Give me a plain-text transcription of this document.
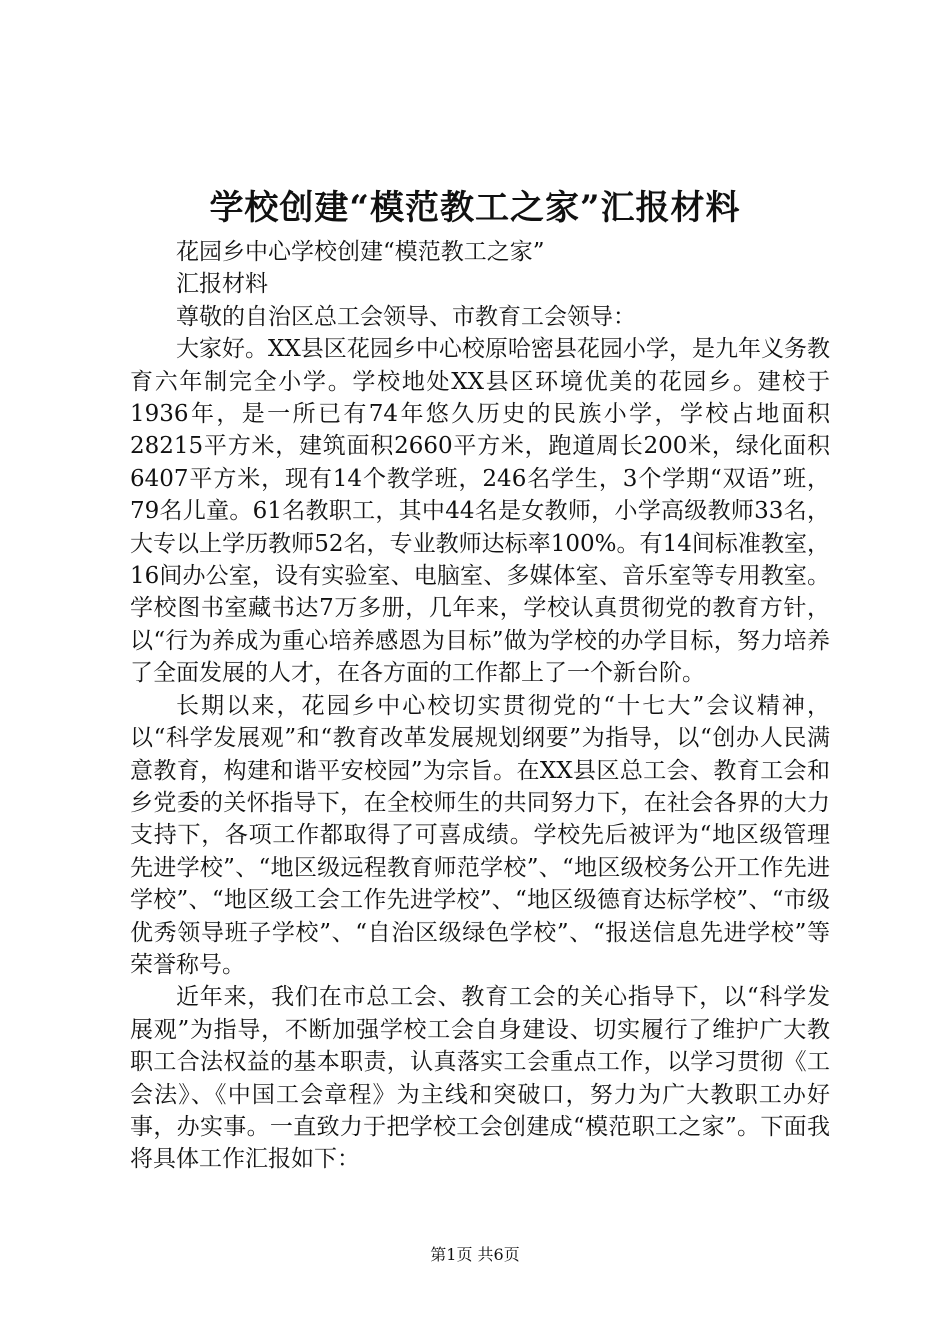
学校创建“模范教工之家”汇报材料

花园乡中心学校创建“模范教工之家”

汇报材料

尊敬的自治区总工会领导、市教育工会领导：

大家好。XX县区花园乡中心校原哈密县花园小学，是九年义务教育六年制完全小学。学校地处XX县区环境优美的花园乡。建校于1936年，是一所已有74年悠久历史的民族小学，学校占地面积28215平方米，建筑面积2660平方米，跑道周长200米，绿化面积6407平方米，现有14个教学班，246名学生，3个学期“双语”班，79名儿童。61名教职工，其中44名是女教师，小学高级教师33名，大专以上学历教师52名，专业教师达标率100%。有14间标准教室，16间办公室，设有实验室、电脑室、多媒体室、音乐室等专用教室。学校图书室藏书达7万多册，几年来，学校认真贯彻党的教育方针，以“行为养成为重心培养感恩为目标”做为学校的办学目标，努力培养了全面发展的人才，在各方面的工作都上了一个新台阶。

长期以来，花园乡中心校切实贯彻党的“十七大”会议精神，以“科学发展观”和“教育改革发展规划纲要”为指导，以“创办人民满意教育，构建和谐平安校园”为宗旨。在XX县区总工会、教育工会和乡党委的关怀指导下，在全校师生的共同努力下，在社会各界的大力支持下，各项工作都取得了可喜成绩。学校先后被评为“地区级管理先进学校”、“地区级远程教育师范学校”、“地区级校务公开工作先进学校”、“地区级工会工作先进学校”、“地区级德育达标学校”、“市级优秀领导班子学校”、“自治区级绿色学校”、“报送信息先进学校”等荣誉称号。

近年来，我们在市总工会、教育工会的关心指导下，以“科学发展观”为指导，不断加强学校工会自身建设、切实履行了维护广大教职工合法权益的基本职责，认真落实工会重点工作，以学习贯彻《工会法》、《中国工会章程》为主线和突破口，努力为广大教职工办好事，办实事。一直致力于把学校工会创建成“模范职工之家”。下面我将具体工作汇报如下：

第1页 共6页
